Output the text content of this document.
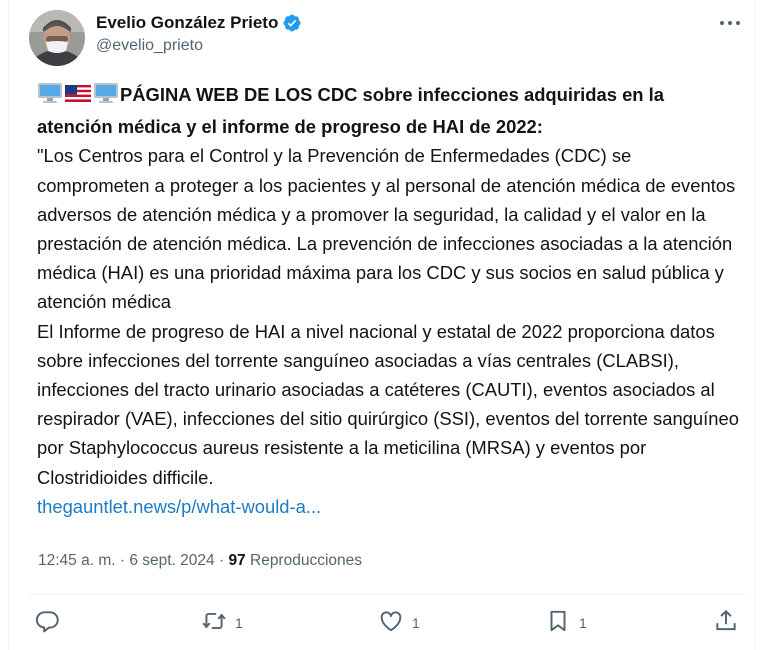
Evelio González Prieto
@evelio_prieto

PÁGINA WEB DE LOS CDC sobre infecciones adquiridas en la atención médica y el informe de progreso de HAI de 2022:

"Los Centros para el Control y la Prevención de Enfermedades (CDC) se comprometen a proteger a los pacientes y al personal de atención médica de eventos adversos de atención médica y a promover la seguridad, la calidad y el valor en la prestación de atención médica. La prevención de infecciones asociadas a la atención médica (HAI) es una prioridad máxima para los CDC y sus socios en salud pública y atención médica

El Informe de progreso de HAI a nivel nacional y estatal de 2022 proporciona datos sobre infecciones del torrente sanguíneo asociadas a vías centrales (CLABSI), infecciones del tracto urinario asociadas a catéteres (CAUTI), eventos asociados al respirador (VAE), infecciones del sitio quirúrgico (SSI), eventos del torrente sanguíneo por Staphylococcus aureus resistente a la meticilina (MRSA) y eventos por Clostridioides difficile.

thegauntlet.news/p/what-would-a...

12:45 a. m. · 6 sept. 2024 · 97 Reproducciones
1	1	1
